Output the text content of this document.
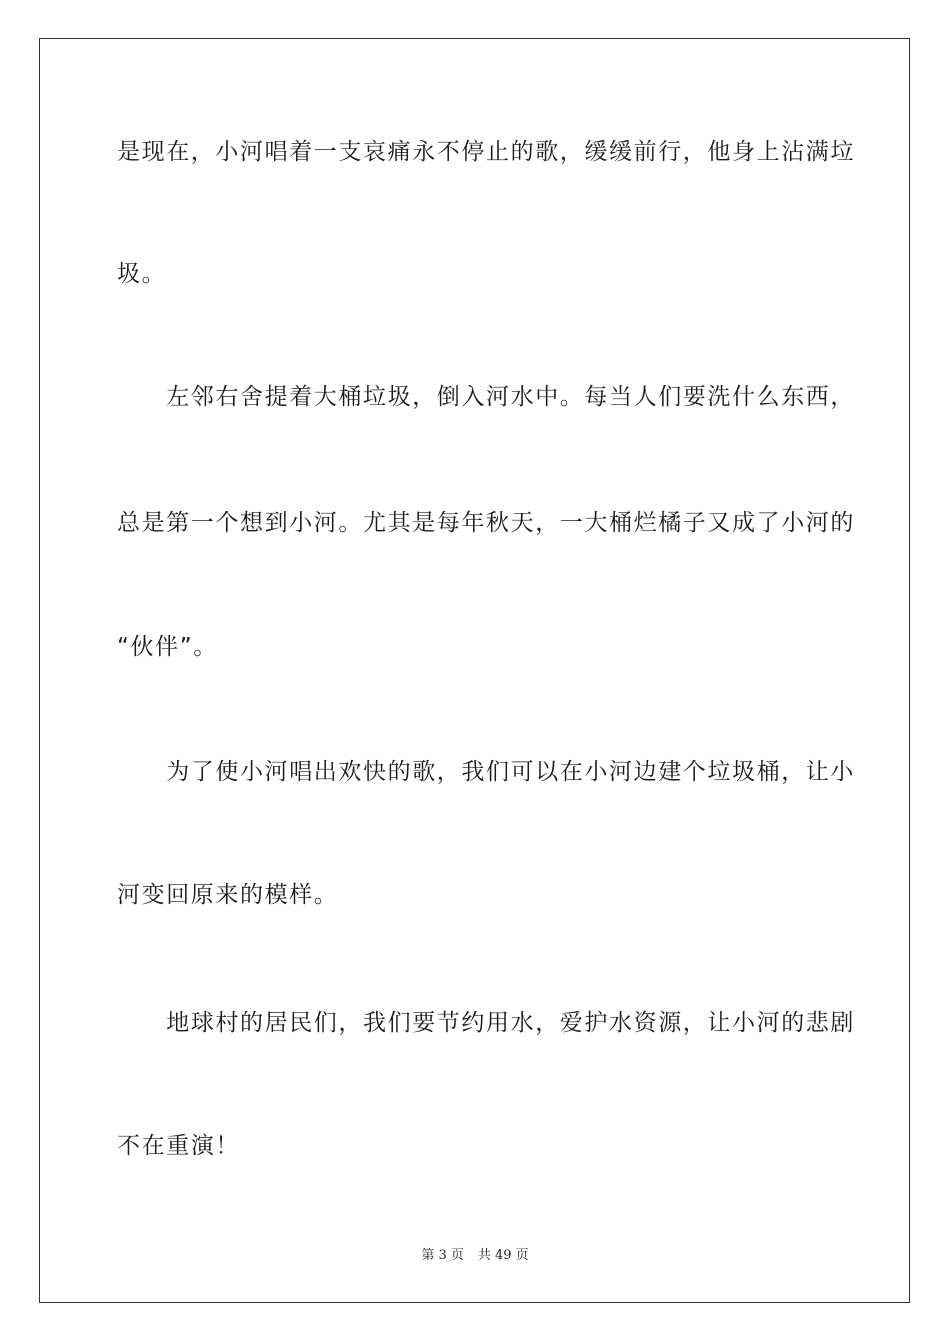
是现在，小河唱着一支哀痛永不停止的歌，缓缓前行，他身上沾满垃
圾。
　　左邻右舍提着大桶垃圾，倒入河水中。每当人们要洗什么东西，
总是第一个想到小河。尤其是每年秋天，一大桶烂橘子又成了小河的
“伙伴”。
　　为了使小河唱出欢快的歌，我们可以在小河边建个垃圾桶，让小
河变回原来的模样。
　　地球村的居民们，我们要节约用水，爱护水资源，让小河的悲剧
不在重演！
第 3 页 共 49 页
